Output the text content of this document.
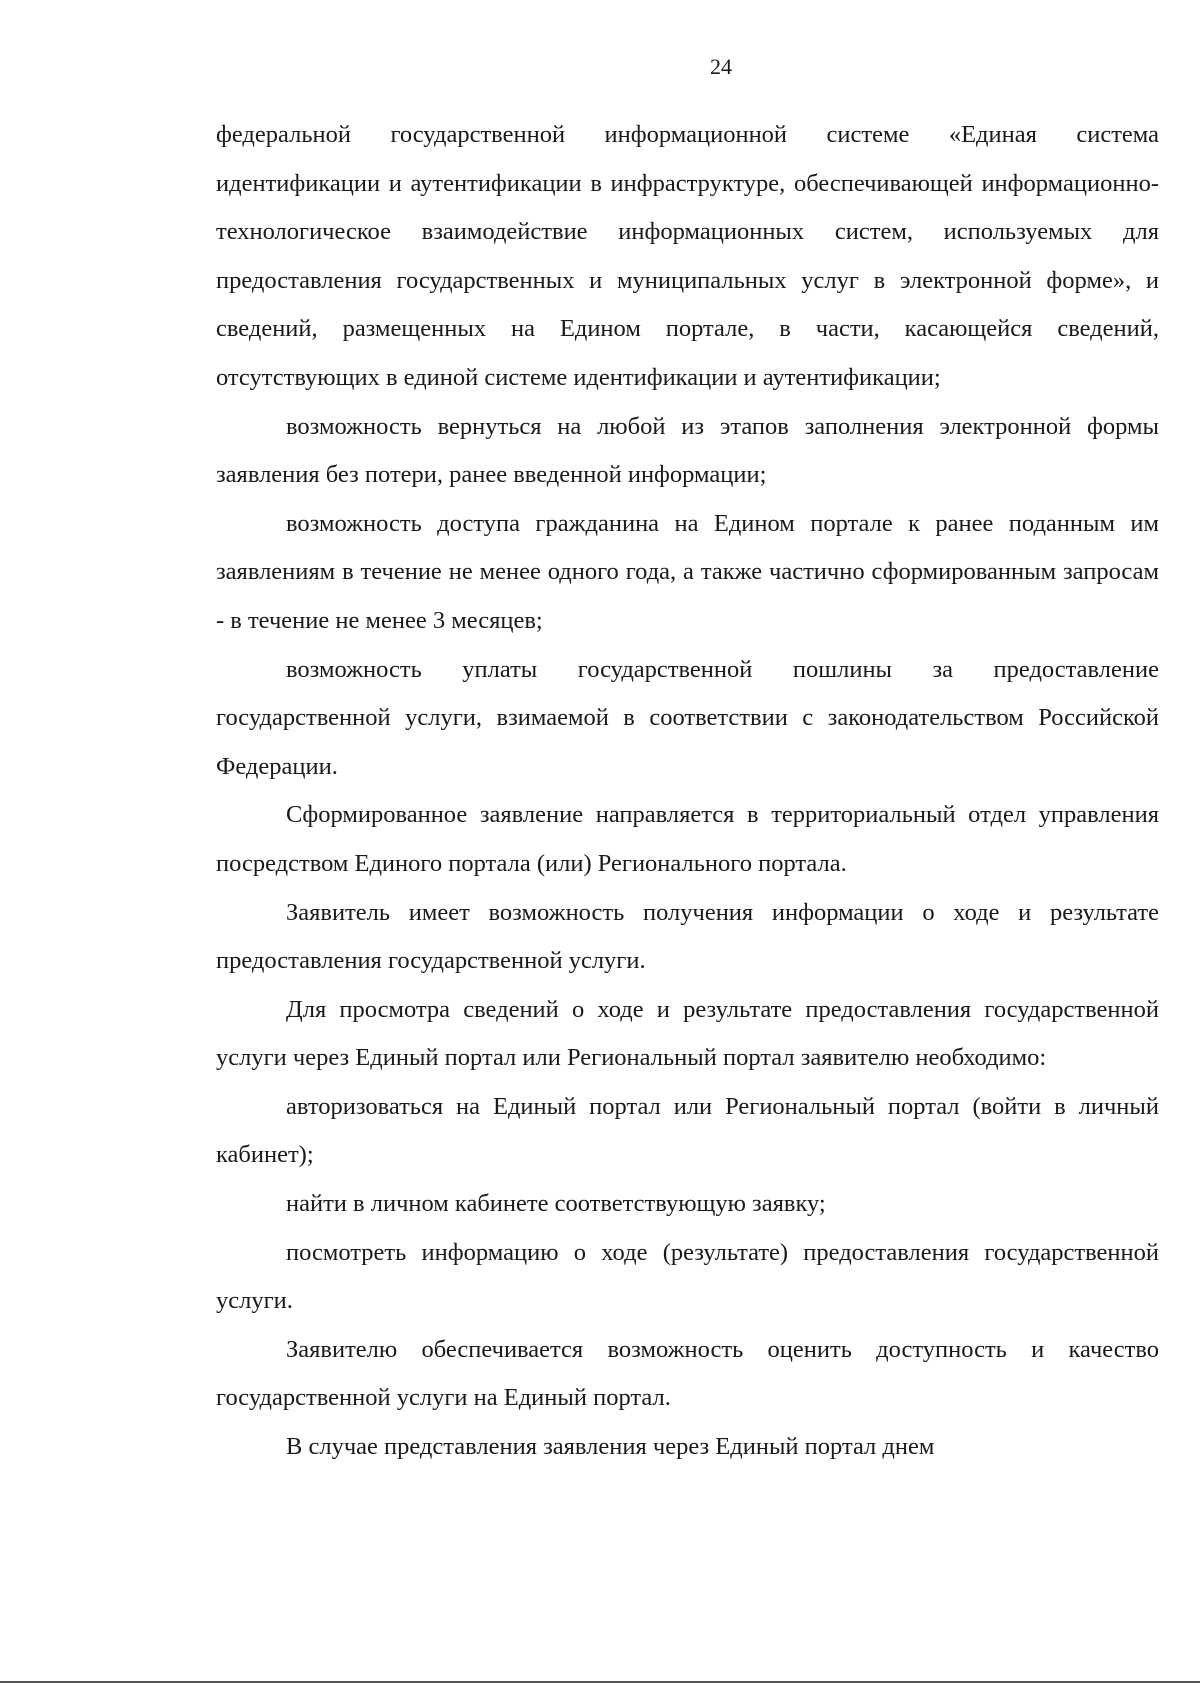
24

федеральной государственной информационной системе «Единая система идентификации и аутентификации в инфраструктуре, обеспечивающей информационно-технологическое взаимодействие информационных систем, используемых для предоставления государственных и муниципальных услуг в электронной форме», и сведений, размещенных на Едином портале, в части, касающейся сведений, отсутствующих в единой системе идентификации и аутентификации;

возможность вернуться на любой из этапов заполнения электронной формы заявления без потери, ранее введенной информации;

возможность доступа гражданина на Едином портале к ранее поданным им заявлениям в течение не менее одного года, а также частично сформированным запросам - в течение не менее 3 месяцев;

возможность уплаты государственной пошлины за предоставление государственной услуги, взимаемой в соответствии с законодательством Российской Федерации.

Сформированное заявление направляется в территориальный отдел управления посредством Единого портала (или) Регионального портала.

Заявитель имеет возможность получения информации о ходе и результате предоставления государственной услуги.

Для просмотра сведений о ходе и результате предоставления государственной услуги через Единый портал или Региональный портал заявителю необходимо:

авторизоваться на Единый портал или Региональный портал (войти в личный кабинет);

найти в личном кабинете соответствующую заявку;

посмотреть информацию о ходе (результате) предоставления государственной услуги.

Заявителю обеспечивается возможность оценить доступность и качество государственной услуги на Единый портал.

В случае представления заявления через Единый портал днем
